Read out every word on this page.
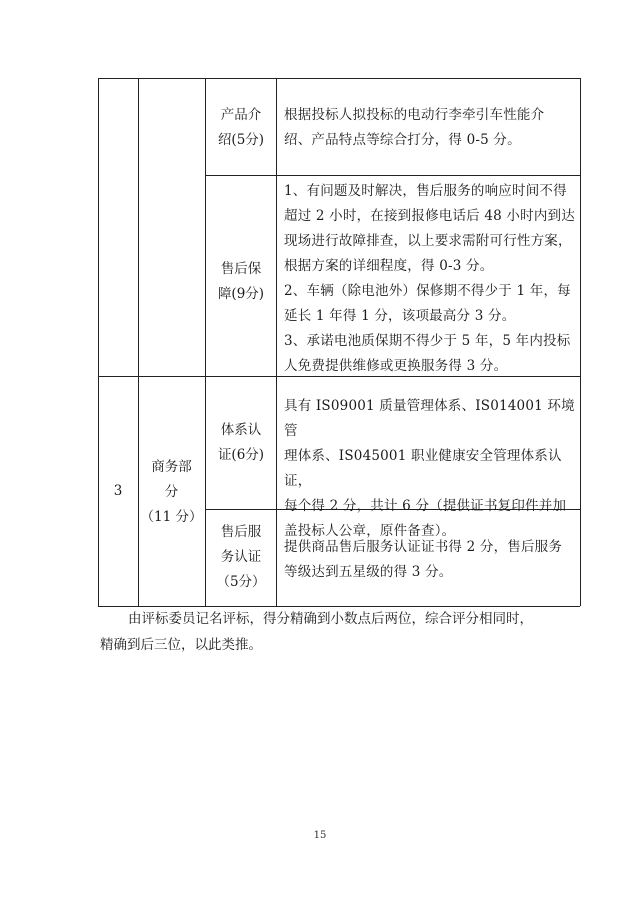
产品介
绍(5分)
根据投标人拟投标的电动行李牵引车性能介
绍、产品特点等综合打分，得 0-5 分。
售后保
障(9分)
1、有问题及时解决，售后服务的响应时间不得
超过 2 小时，在接到报修电话后 48 小时内到达
现场进行故障排查，以上要求需附可行性方案，
根据方案的详细程度，得 0-3 分。
2、车辆（除电池外）保修期不得少于 1 年，每
延长 1 年得 1 分，该项最高分 3 分。
3、承诺电池质保期不得少于 5 年，5 年内投标
人免费提供维修或更换服务得 3 分。
3
商务部
分
（11 分）
体系认
证(6分)
具有 IS09001 质量管理体系、IS014001 环境管
理体系、IS045001 职业健康安全管理体系认证，
每个得 2 分，共计 6 分（提供证书复印件并加
盖投标人公章，原件备查）。
售后服
务认证
（5分）
提供商品售后服务认证证书得 2 分，售后服务
等级达到五星级的得 3 分。
由评标委员记名评标，得分精确到小数点后两位，综合评分相同时，
精确到后三位，以此类推。
15
